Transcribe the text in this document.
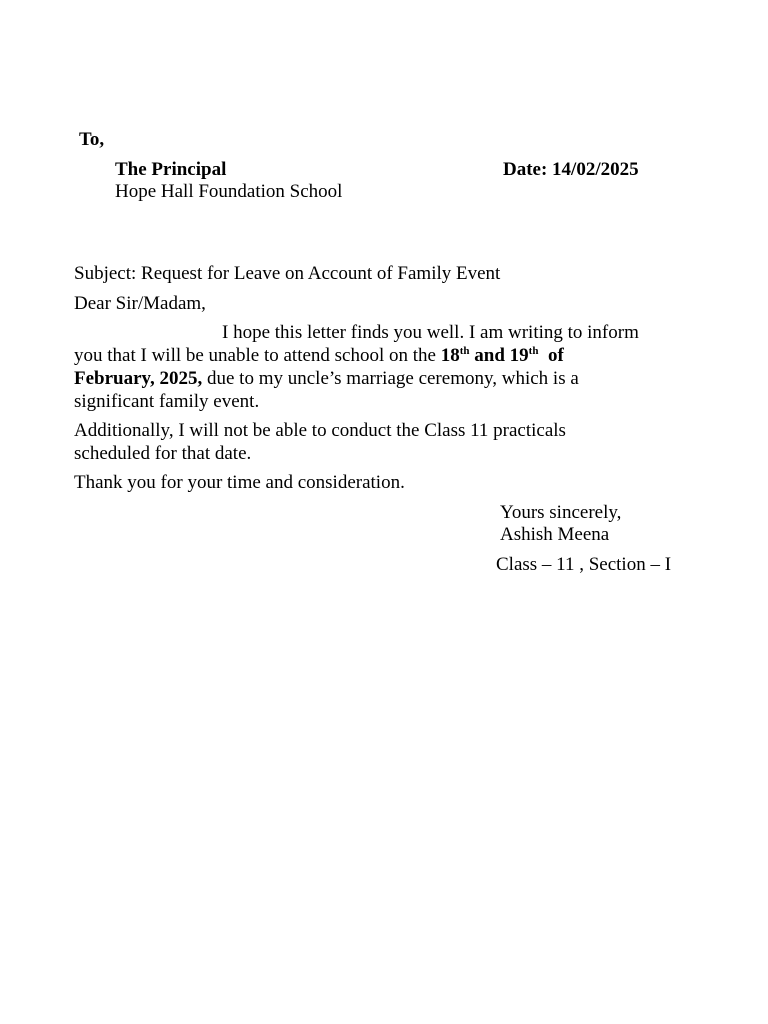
To,
The Principal	Date: 14/02/2025
Hope Hall Foundation School
Subject: Request for Leave on Account of Family Event
Dear Sir/Madam,
I hope this letter finds you well. I am writing to inform
you that I will be unable to attend school on the 18th and 19th  of
February, 2025, due to my uncle’s marriage ceremony, which is a
significant family event.
Additionally, I will not be able to conduct the Class 11 practicals scheduled for that date.
Thank you for your time and consideration.
Yours sincerely,
Ashish Meena
Class – 11 , Section – I
